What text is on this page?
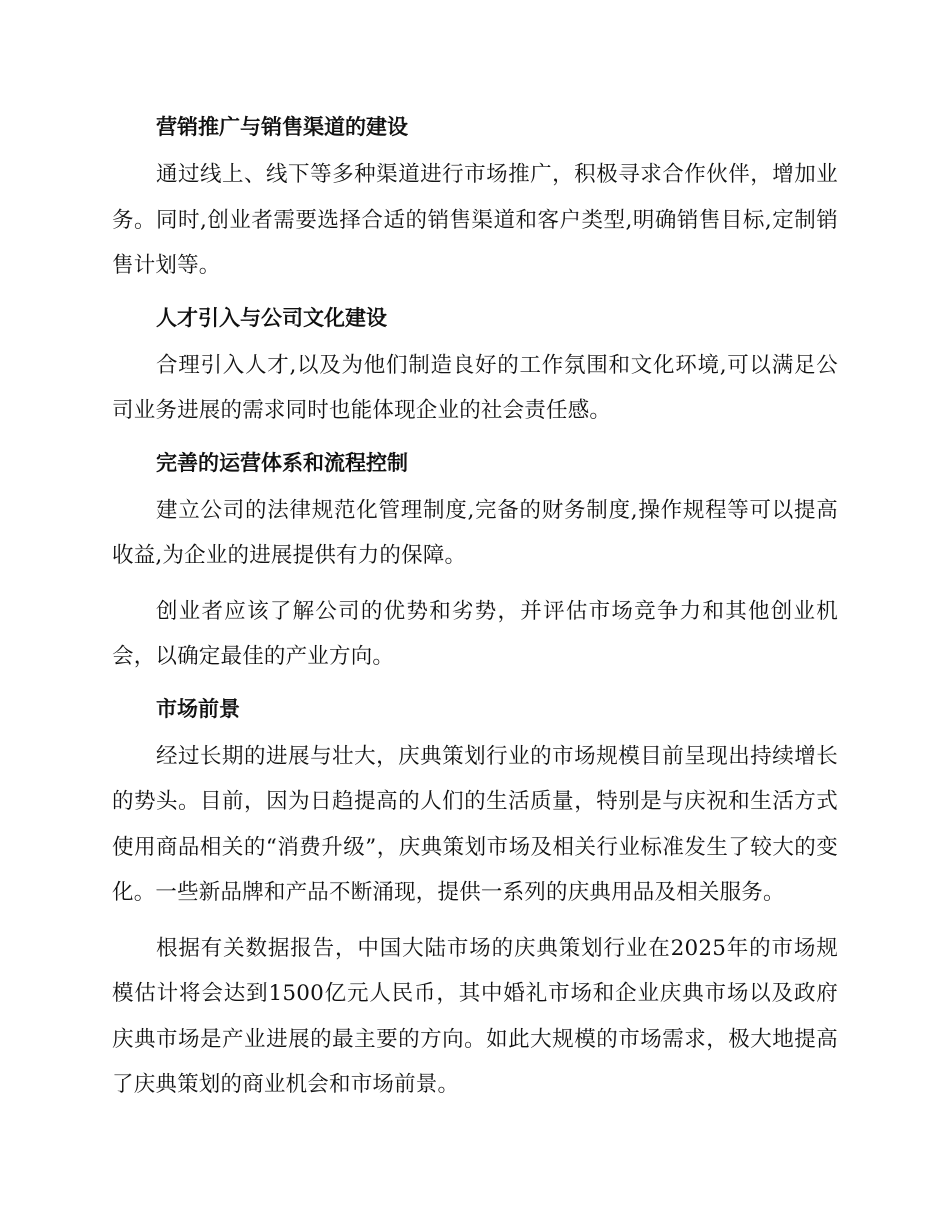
营销推广与销售渠道的建设

通过线上、线下等多种渠道进行市场推广，积极寻求合作伙伴，增加业务。同时,创业者需要选择合适的销售渠道和客户类型,明确销售目标,定制销售计划等。

人才引入与公司文化建设

合理引入人才,以及为他们制造良好的工作氛围和文化环境,可以满足公司业务进展的需求同时也能体现企业的社会责任感。

完善的运营体系和流程控制

建立公司的法律规范化管理制度,完备的财务制度,操作规程等可以提高收益,为企业的进展提供有力的保障。

创业者应该了解公司的优势和劣势，并评估市场竞争力和其他创业机会，以确定最佳的产业方向。

市场前景

经过长期的进展与壮大，庆典策划行业的市场规模目前呈现出持续增长的势头。目前，因为日趋提高的人们的生活质量，特别是与庆祝和生活方式使用商品相关的“消费升级”，庆典策划市场及相关行业标准发生了较大的变化。一些新品牌和产品不断涌现，提供一系列的庆典用品及相关服务。

根据有关数据报告，中国大陆市场的庆典策划行业在2025年的市场规模估计将会达到1500亿元人民币，其中婚礼市场和企业庆典市场以及政府庆典市场是产业进展的最主要的方向。如此大规模的市场需求，极大地提高了庆典策划的商业机会和市场前景。
